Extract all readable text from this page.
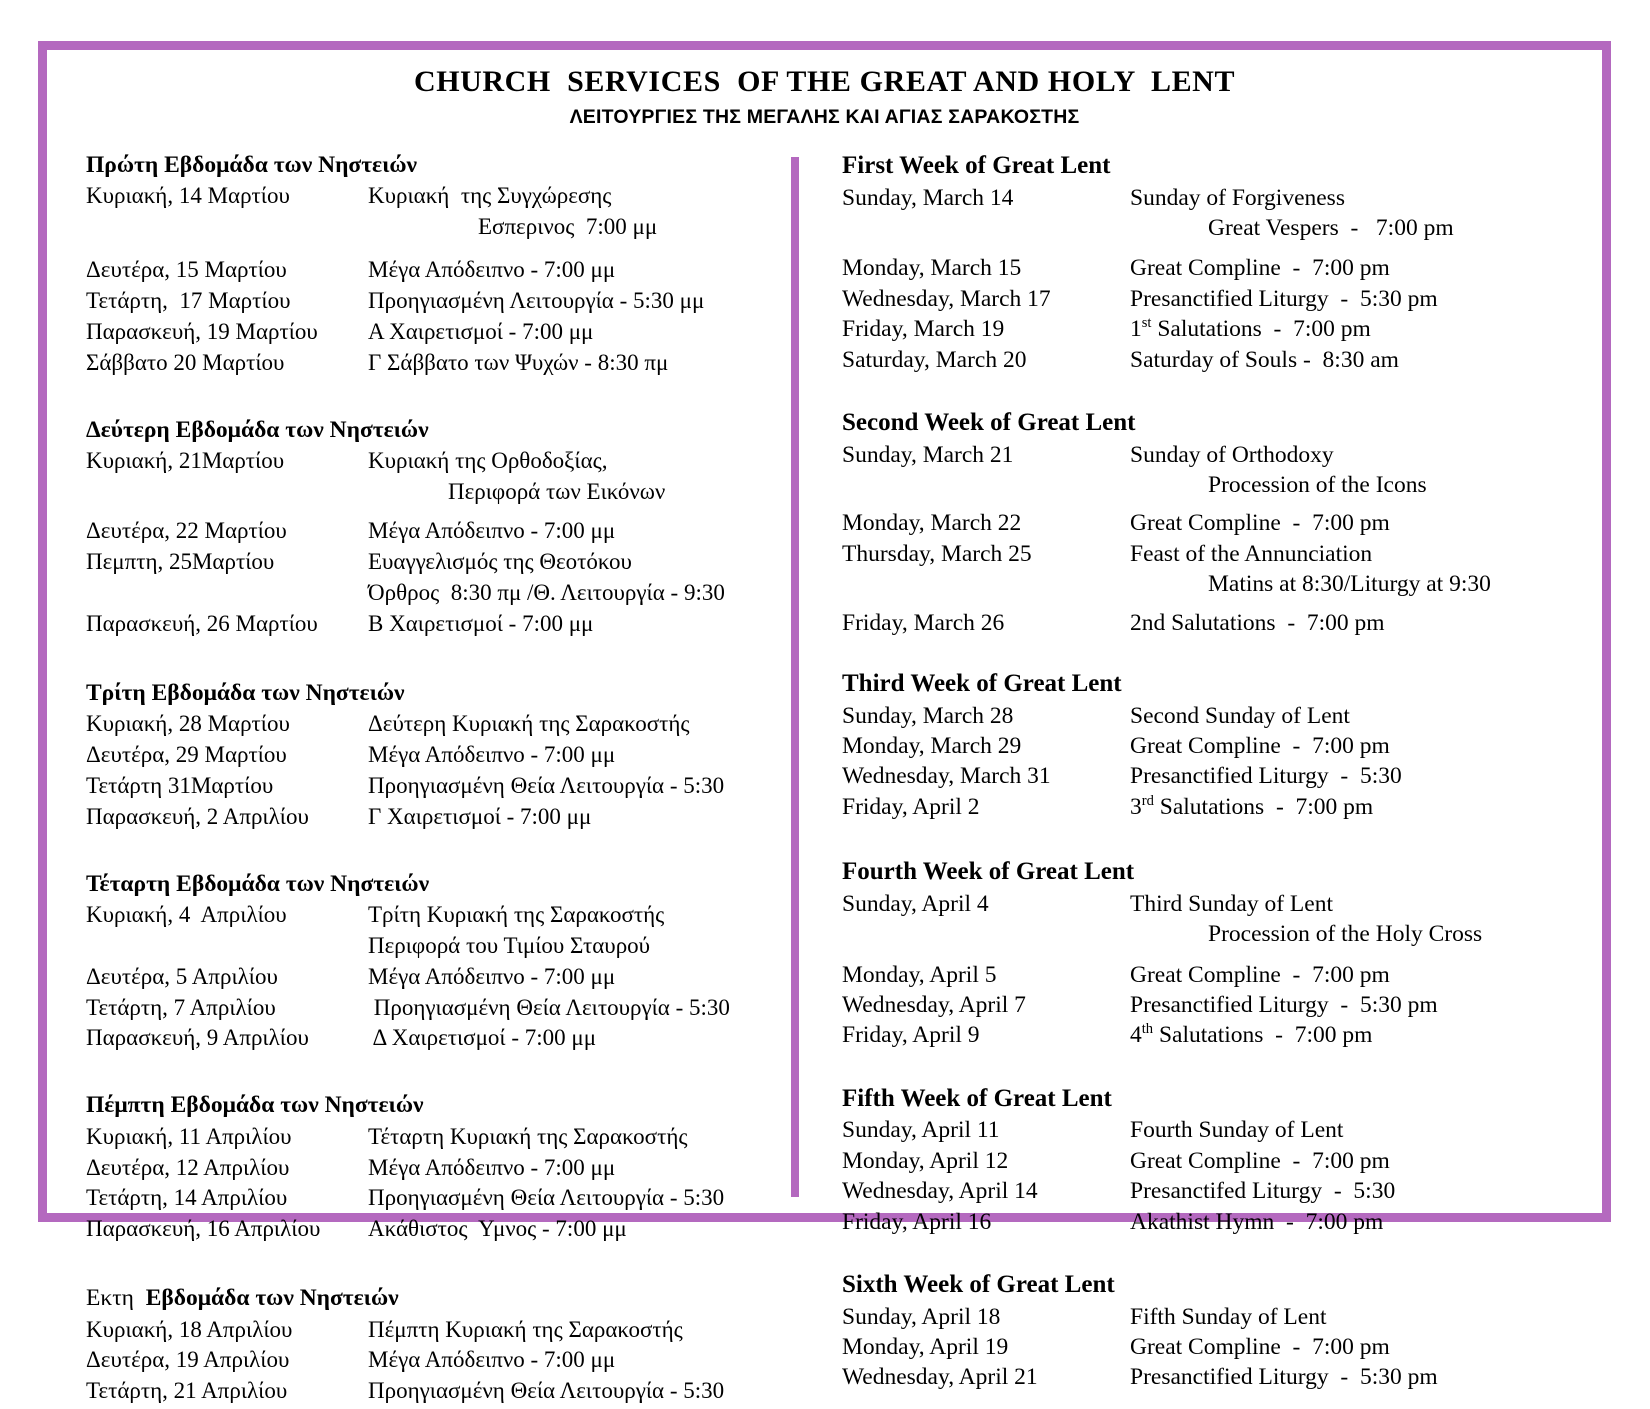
CHURCH  SERVICES  OF THE GREAT AND HOLY  LENT
ΛΕΙΤΟΥΡΓΙΕΣ ΤΗΣ ΜΕΓΑΛΗΣ ΚΑΙ ΑΓΙΑΣ ΣΑΡΑΚΟΣΤΗΣ
Πρώτη Εβδομάδα των Νηστειών
Κυριακή, 14 Μαρτίου	Κυριακή  της Συγχώρεσης
Εσπερινος  7:00 μμ
Δευτέρα, 15 Μαρτίου	Μέγα Απόδειπνο - 7:00 μμ
Τετάρτη,  17 Μαρτίου	Προηγιασμένη Λειτουργία - 5:30 μμ
Παρασκευή, 19 Μαρτίου	Α Χαιρετισμοί - 7:00 μμ
Σάββατο 20 Μαρτίου	Γ Σάββατο των Ψυχών - 8:30 πμ
Δεύτερη Εβδομάδα των Νηστειών
Κυριακή, 21Μαρτίου	Κυριακή της Ορθοδοξίας,
Περιφορά των Εικόνων
Δευτέρα, 22 Μαρτίου	Μέγα Απόδειπνο - 7:00 μμ
Πεμπτη, 25Μαρτίου	Ευαγγελισμός της Θεοτόκου
Όρθρος  8:30 πμ /Θ. Λειτουργία - 9:30
Παρασκευή, 26 Μαρτίου	Β Χαιρετισμοί - 7:00 μμ
Τρίτη Εβδομάδα των Νηστειών
Κυριακή, 28 Μαρτίου	Δεύτερη Κυριακή της Σαρακοστής
Δευτέρα, 29 Μαρτίου	Μέγα Απόδειπνο - 7:00 μμ
Τετάρτη 31Μαρτίου	Προηγιασμένη Θεία Λειτουργία - 5:30
Παρασκευή, 2 Απριλίου	Γ Χαιρετισμοί - 7:00 μμ
Τέταρτη Εβδομάδα των Νηστειών
Κυριακή, 4  Απριλίου	Τρίτη Κυριακή της Σαρακοστής
Περιφορά του Τιμίου Σταυρού
Δευτέρα, 5 Απριλίου	Μέγα Απόδειπνο - 7:00 μμ
Τετάρτη, 7 Απριλίου	Προηγιασμένη Θεία Λειτουργία - 5:30
Παρασκευή, 9 Απριλίου	Δ Χαιρετισμοί - 7:00 μμ
Πέμπτη Εβδομάδα των Νηστειών
Κυριακή, 11 Απριλίου	Τέταρτη Κυριακή της Σαρακοστής
Δευτέρα, 12 Απριλίου	Μέγα Απόδειπνο - 7:00 μμ
Τετάρτη, 14 Απριλίου	Προηγιασμένη Θεία Λειτουργία - 5:30
Παρασκευή, 16 Απριλίου	Ακάθιστος  Υμνος - 7:00 μμ
Εκτη  Εβδομάδα των Νηστειών
Κυριακή, 18 Απριλίου	Πέμπτη Κυριακή της Σαρακοστής
Δευτέρα, 19 Απριλίου	Μέγα Απόδειπνο - 7:00 μμ
Τετάρτη, 21 Απριλίου	Προηγιασμένη Θεία Λειτουργία - 5:30
First Week of Great Lent
Sunday, March 14	Sunday of Forgiveness
Great Vespers  -   7:00 pm
Monday, March 15	Great Compline  -  7:00 pm
Wednesday, March 17	Presanctified Liturgy  -  5:30 pm
Friday, March 19	1st Salutations  -  7:00 pm
Saturday, March 20	Saturday of Souls -  8:30 am
Second Week of Great Lent
Sunday, March 21	Sunday of Orthodoxy
Procession of the Icons
Monday, March 22	Great Compline  -  7:00 pm
Thursday, March 25	Feast of the Annunciation
Matins at 8:30/Liturgy at 9:30
Friday, March 26	2nd Salutations  -  7:00 pm
Third Week of Great Lent
Sunday, March 28	Second Sunday of Lent
Monday, March 29	Great Compline  -  7:00 pm
Wednesday, March 31	Presanctified Liturgy  -  5:30
Friday, April 2	3rd Salutations  -  7:00 pm
Fourth Week of Great Lent
Sunday, April 4	Third Sunday of Lent
Procession of the Holy Cross
Monday, April 5	Great Compline  -  7:00 pm
Wednesday, April 7	Presanctified Liturgy  -  5:30 pm
Friday, April 9	4th Salutations  -  7:00 pm
Fifth Week of Great Lent
Sunday, April 11	Fourth Sunday of Lent
Monday, April 12	Great Compline  -  7:00 pm
Wednesday, April 14	Presanctifed Liturgy  -  5:30
Friday, April 16	Akathist Hymn  -  7:00 pm
Sixth Week of Great Lent
Sunday, April 18	Fifth Sunday of Lent
Monday, April 19	Great Compline  -  7:00 pm
Wednesday, April 21	Presanctified Liturgy  -  5:30 pm
